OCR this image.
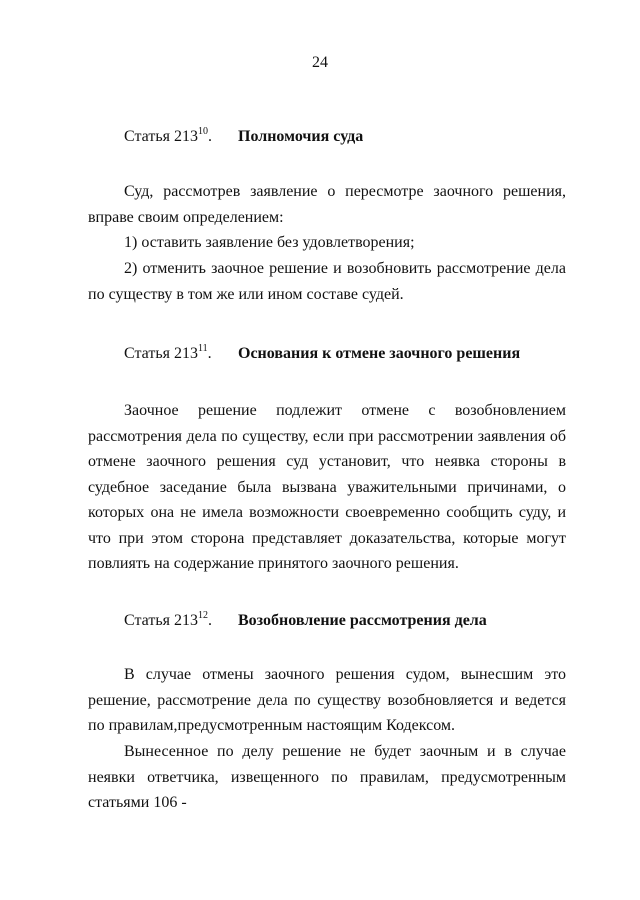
24
Статья $213^{10}$. Полномочия суда
Суд, рассмотрев заявление о пересмотре заочного решения, вправе своим определением:
1) оставить заявление без удовлетворения;
2) отменить заочное решение и возобновить рассмотрение дела по существу в том же или ином составе судей.
Статья $213^{11}$. Основания к отмене заочного решения
Заочное решение подлежит отмене с возобновлением рассмотрения дела по существу, если при рассмотрении заявления об отмене заочного решения суд установит, что неявка стороны в судебное заседание была вызвана уважительными причинами, о которых она не имела возможности своевременно сообщить суду, и что при этом сторона представляет доказательства, которые могут повлиять на содержание принятого заочного решения.
Статья $213^{12}$. Возобновление рассмотрения дела
В случае отмены заочного решения судом, вынесшим это решение, рассмотрение дела по существу возобновляется и ведется по правилам,предусмотренным настоящим Кодексом.
Вынесенное по делу решение не будет заочным и в случае неявки ответчика, извещенного по правилам, предусмотренным статьями 106 -
